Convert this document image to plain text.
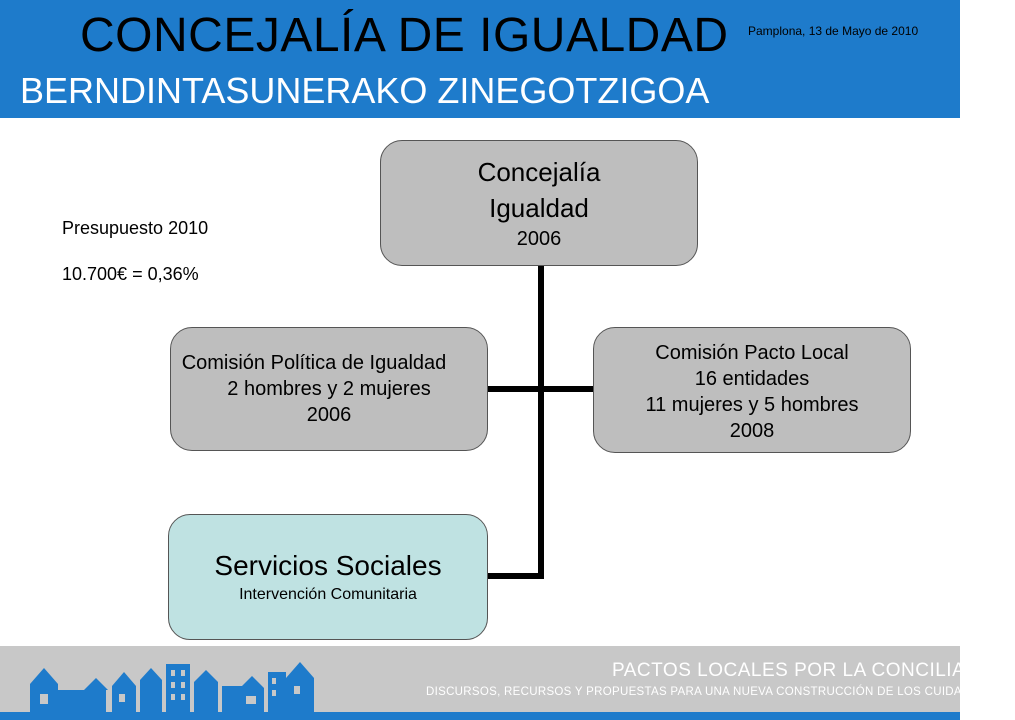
CONCEJALÍA DE IGUALDAD
BERNDINTASUNERAKO ZINEGOTZIGOA
Pamplona, 13 de Mayo de 2010
Presupuesto 2010
10.700€ = 0,36%
Concejalía
Igualdad
2006
Comisión Política de Igualdad
2 hombres y 2 mujeres
2006
Comisión Pacto Local
16 entidades
11 mujeres y 5 hombres
2008
Servicios Sociales
Intervención Comunitaria
PACTOS LOCALES POR LA CONCILIACIÓN
DISCURSOS, RECURSOS Y PROPUESTAS PARA UNA NUEVA CONSTRUCCIÓN DE LOS CUIDADOS
